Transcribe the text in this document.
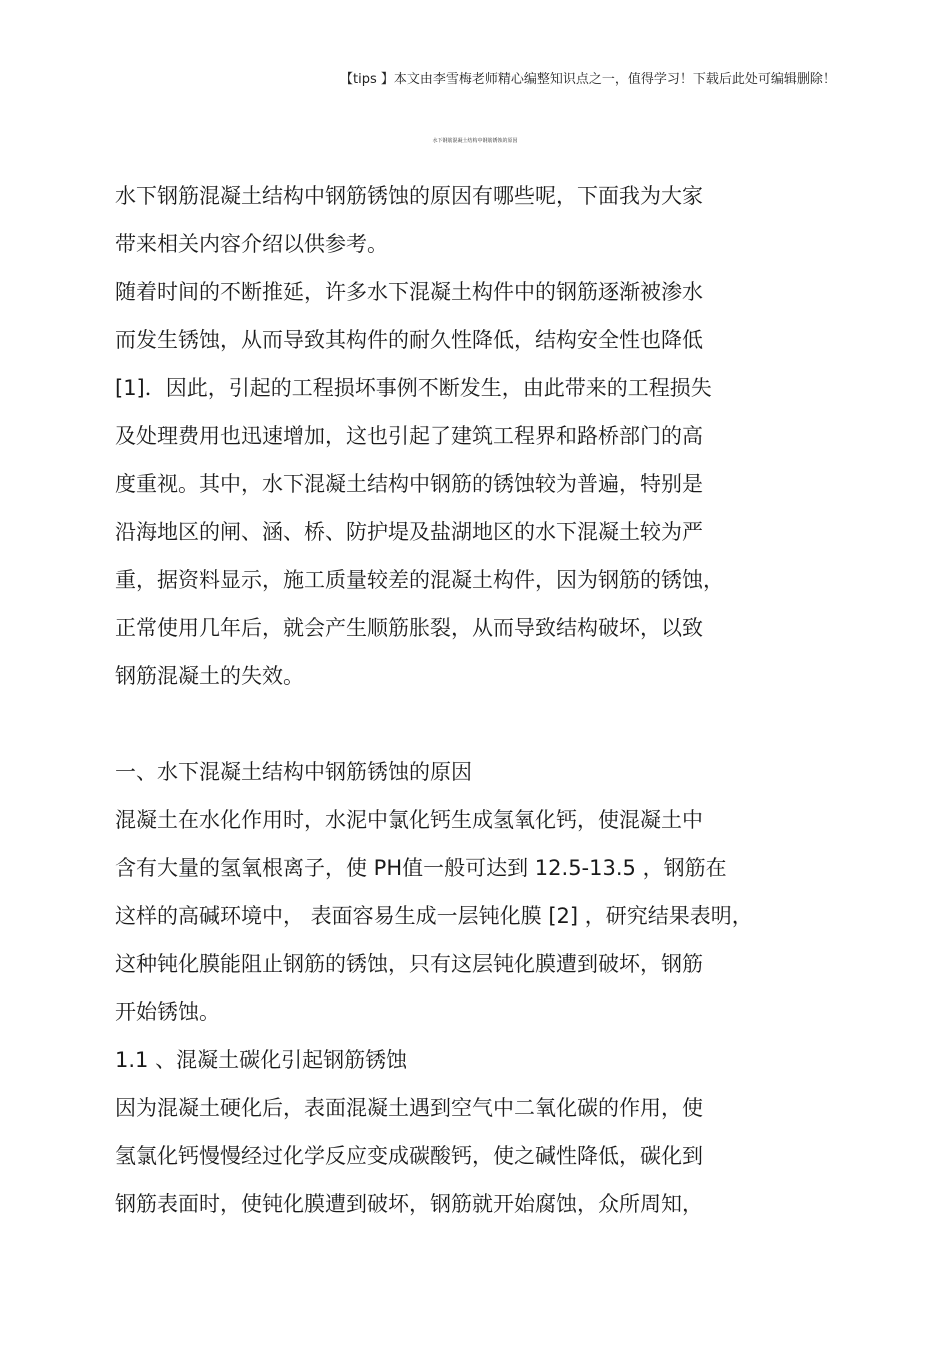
【tips 】本文由李雪梅老师精心编整知识点之一，值得学习！下载后此处可编辑删除！
水下钢筋混凝土结构中钢筋锈蚀的原因
水下钢筋混凝土结构中钢筋锈蚀的原因有哪些呢，下面我为大家
带来相关内容介绍以供参考。
随着时间的不断推延，许多水下混凝土构件中的钢筋逐渐被渗水
而发生锈蚀，从而导致其构件的耐久性降低，结构安全性也降低
[1]．因此，引起的工程损坏事例不断发生，由此带来的工程损失
及处理费用也迅速增加，这也引起了建筑工程界和路桥部门的高
度重视。其中，水下混凝土结构中钢筋的锈蚀较为普遍，特别是
沿海地区的闸、涵、桥、防护堤及盐湖地区的水下混凝土较为严
重，据资料显示，施工质量较差的混凝土构件，因为钢筋的锈蚀，
正常使用几年后，就会产生顺筋胀裂，从而导致结构破坏，以致
钢筋混凝土的失效。
一、水下混凝土结构中钢筋锈蚀的原因
混凝土在水化作用时，水泥中氯化钙生成氢氧化钙，使混凝土中
含有大量的氢氧根离子，使 PH值一般可达到 12.5-13.5 ，钢筋在
这样的高碱环境中， 表面容易生成一层钝化膜 [2] ，研究结果表明，
这种钝化膜能阻止钢筋的锈蚀，只有这层钝化膜遭到破坏，钢筋
开始锈蚀。
1.1 、混凝土碳化引起钢筋锈蚀
因为混凝土硬化后，表面混凝土遇到空气中二氧化碳的作用，使
氢氯化钙慢慢经过化学反应变成碳酸钙，使之碱性降低，碳化到
钢筋表面时，使钝化膜遭到破坏，钢筋就开始腐蚀，众所周知，
